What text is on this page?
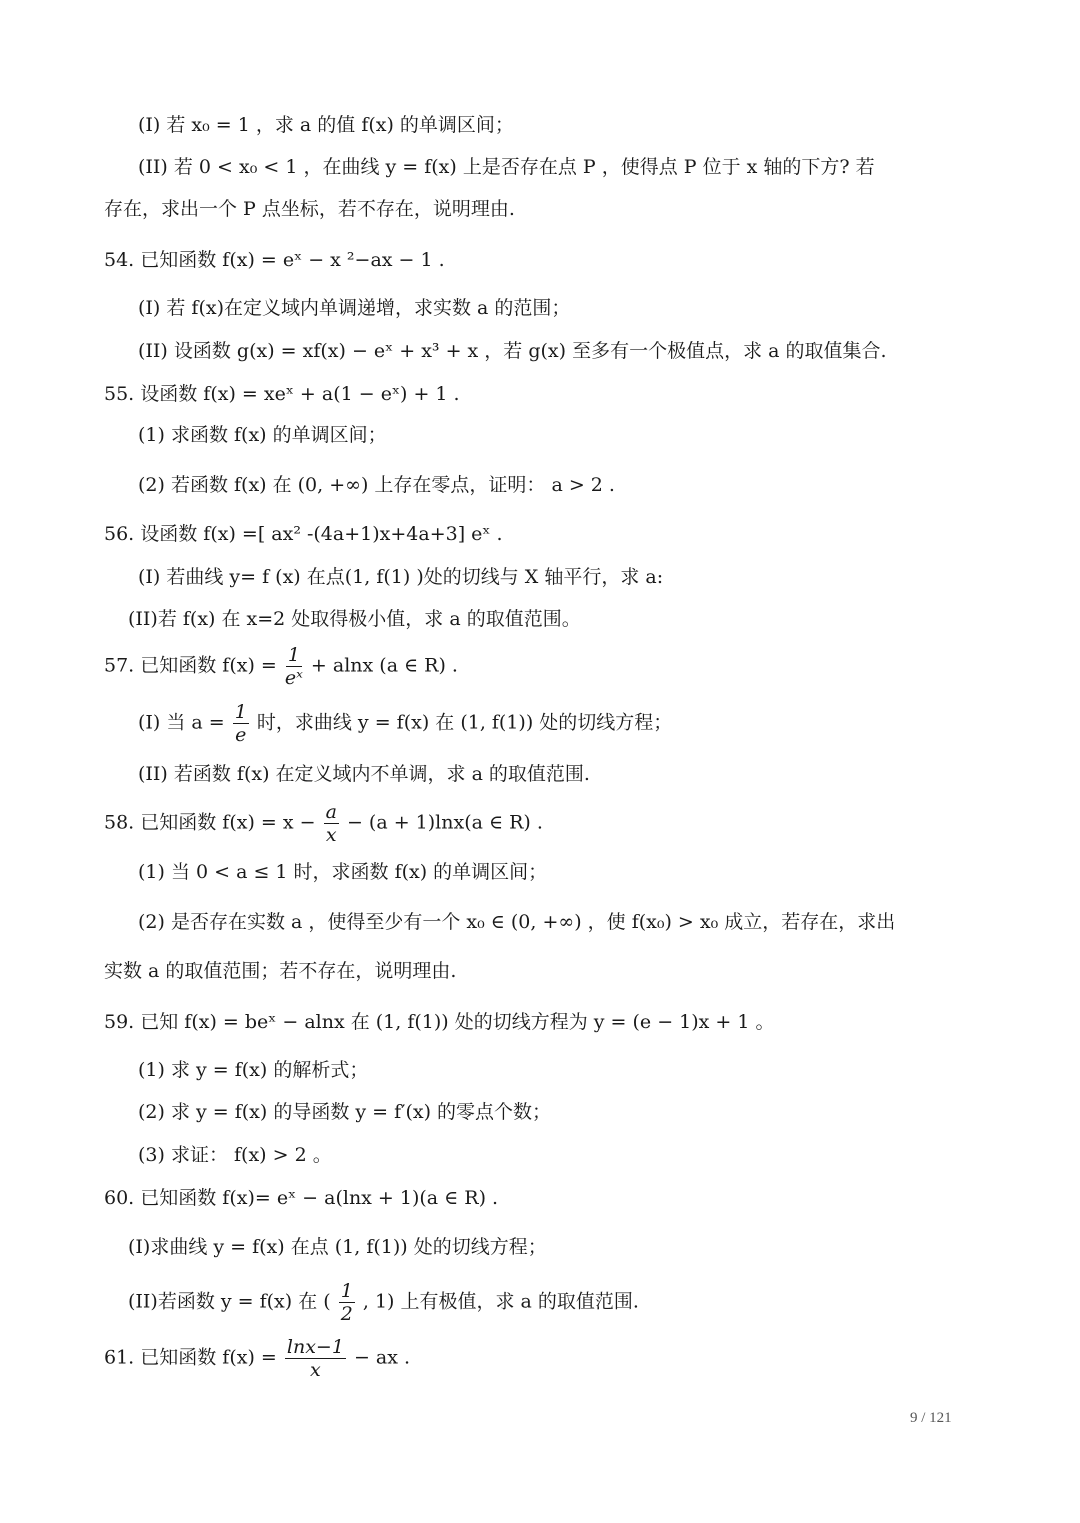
(I) 若 x₀ = 1 ，求 a 的值 f(x) 的单调区间；
(II) 若 0 < x₀ < 1 ，在曲线 y = f(x) 上是否存在点 P ，使得点 P 位于 x 轴的下方? 若
存在，求出一个 P 点坐标，若不存在，说明理由.
54. 已知函数 f(x) = eˣ − x ²−ax − 1 .
(I) 若 f(x)在定义域内单调递增，求实数 a 的范围；
(II) 设函数 g(x) = xf(x) − eˣ + x³ + x ，若 g(x) 至多有一个极值点，求 a 的取值集合.
55. 设函数 f(x) = xeˣ + a(1 − eˣ) + 1 .
(1) 求函数 f(x) 的单调区间；
(2) 若函数 f(x) 在 (0, +∞) 上存在零点，证明： a > 2 .
56. 设函数 f(x) =[ ax² -(4a+1)x+4a+3] eˣ .
(I) 若曲线 y= f (x) 在点(1, f(1) )处的切线与 X 轴平行，求 a:
(II)若 f(x) 在 x=2 处取得极小值，求 a 的取值范围。
57. 已知函数 $f(x) = \frac{1}{\text{eˣ}} + alnx$ (a ∈ R) .
(I) 当 $a = \frac{1}{e}$ 时，求曲线 y = f(x) 在 (1, f(1)) 处的切线方程；
(II) 若函数 f(x) 在定义域内不单调，求 a 的取值范围.
58. 已知函数 $f(x) = x - \frac{a}{x} - (a + 1)\ln x(a$ ∈ R) .
(1) 当 0 < a ≤ 1 时，求函数 f(x) 的单调区间；
(2) 是否存在实数 a ，使得至少有一个 x₀ ∈ (0, +∞) ，使 f(x₀) > x₀ 成立，若存在，求出
实数 a 的取值范围；若不存在，说明理由.
59. 已知 f(x) = beˣ − alnx 在 (1, f(1)) 处的切线方程为 y = (e − 1)x + 1 。
(1) 求 y = f(x) 的解析式；
(2) 求 y = f(x) 的导函数 y = f′(x) 的零点个数；
(3) 求证： f(x) > 2 。
60. 已知函数 f(x)= eˣ − a(lnx + 1)(a ∈ R) .
(I)求曲线 y = f(x) 在点 (1, f(1)) 处的切线方程；
(II)若函数 y = f(x) 在 ( $\frac{1}{2}$ , 1) 上有极值，求 a 的取值范围.
61. 已知函数 $f(x) = \frac{\ln x-1}{x}$ − ax .
9 / 121
